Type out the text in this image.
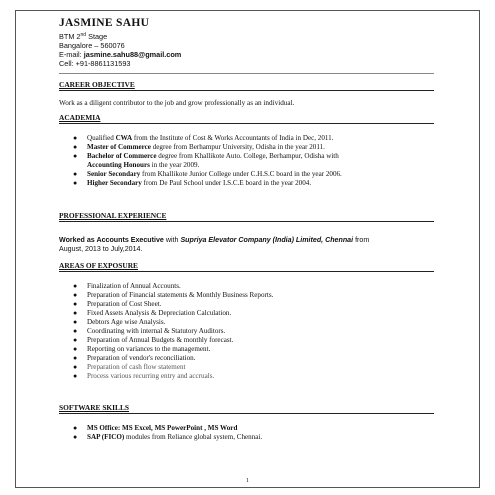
JASMINE SAHU
BTM 2nd Stage
Bangalore – 560076
E-mail: jasmine.sahu88@gmail.com
Cell: +91-8861131593
CAREER OBJECTIVE
Work as a diligent contributor to the job and grow professionally as an individual.
ACADEMIA
● Qualified CWA from the Institute of Cost & Works Accountants of India in Dec, 2011.
● Master of Commerce degree from Berhampur University, Odisha in the year 2011.
● Bachelor of Commerce degree from Khallikote Auto. College, Berhampur, Odisha with
Accounting Honours in the year 2009.
● Senior Secondary from Khallikote Junior College under C.H.S.C board in the year 2006.
● Higher Secondary from De Paul School under I.S.C.E board in the year 2004.
PROFESSIONAL EXPERIENCE
Worked as Accounts Executive with Supriya Elevator Company (India) Limited, Chennai from
August, 2013 to July,2014.
AREAS OF EXPOSURE
● Finalization of Annual Accounts.
● Preparation of Financial statements & Monthly Business Reports.
● Preparation of Cost Sheet.
● Fixed Assets Analysis & Depreciation Calculation.
● Debtors Age wise Analysis.
● Coordinating with internal & Statutory Auditors.
● Preparation of Annual Budgets & monthly forecast.
● Reporting on variances to the management.
● Preparation of vendor's reconciliation.
● Preparation of cash flow statement
● Process various recurring entry and accruals.
SOFTWARE SKILLS
● MS Office: MS Excel, MS PowerPoint , MS Word
● SAP (FICO) modules from Reliance global system, Chennai.
1
